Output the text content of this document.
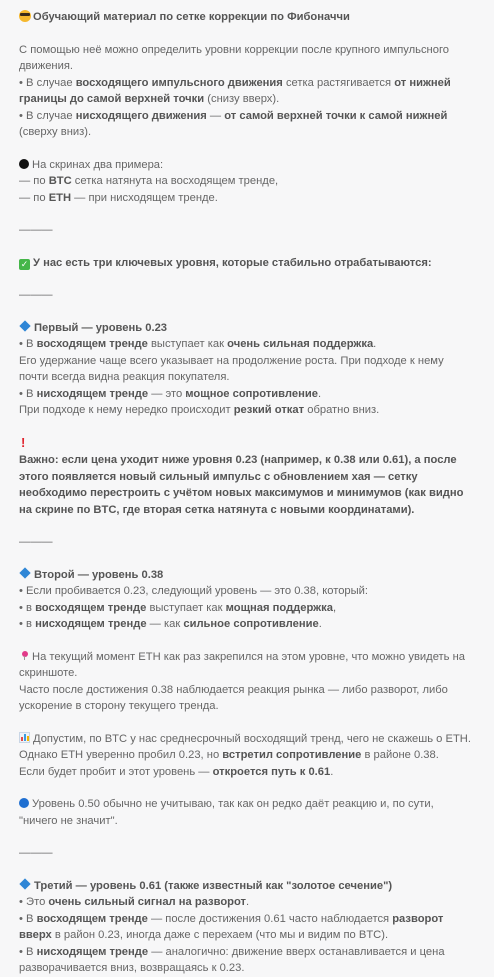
Обучающий материал по сетке коррекции по Фибоначчи

С помощью неё можно определить уровни коррекции после крупного импульсного движения.

• В случае восходящего импульсного движения сетка растягивается от нижней границы до самой верхней точки (снизу вверх).

• В случае нисходящего движения — от самой верхней точки к самой нижней (сверху вниз).

На скринах два примера:

— по BTC сетка натянута на восходящем тренде,

— по ETH — при нисходящем тренде.

———

✓ У нас есть три ключевых уровня, которые стабильно отрабатываются:

———

Первый — уровень 0.23

• В восходящем тренде выступает как очень сильная поддержка.

Его удержание чаще всего указывает на продолжение роста. При подходе к нему почти всегда видна реакция покупателя.

• В нисходящем тренде — это мощное сопротивление.

При подходе к нему нередко происходит резкий откат обратно вниз.

!

Важно: если цена уходит ниже уровня 0.23 (например, к 0.38 или 0.61), а после этого появляется новый сильный импульс с обновлением хая — сетку необходимо перестроить с учётом новых максимумов и минимумов (как видно на скрине по BTC, где вторая сетка натянута с новыми координатами).

———

Второй — уровень 0.38

• Если пробивается 0.23, следующий уровень — это 0.38, который:

• в восходящем тренде выступает как мощная поддержка,

• в нисходящем тренде — как сильное сопротивление.

На текущий момент ETH как раз закрепился на этом уровне, что можно увидеть на скриншоте.

Часто после достижения 0.38 наблюдается реакция рынка — либо разворот, либо ускорение в сторону текущего тренда.

Допустим, по BTC у нас среднесрочный восходящий тренд, чего не скажешь о ETH.

Однако ETH уверенно пробил 0.23, но встретил сопротивление в районе 0.38.

Если будет пробит и этот уровень — откроется путь к 0.61.

Уровень 0.50 обычно не учитываю, так как он редко даёт реакцию и, по сути, "ничего не значит".

———

Третий — уровень 0.61 (также известный как "золотое сечение")

• Это очень сильный сигнал на разворот.

• В восходящем тренде — после достижения 0.61 часто наблюдается разворот вверх в район 0.23, иногда даже с перехаем (что мы и видим по BTC).

• В нисходящем тренде — аналогично: движение вверх останавливается и цена разворачивается вниз, возвращаясь к 0.23.
